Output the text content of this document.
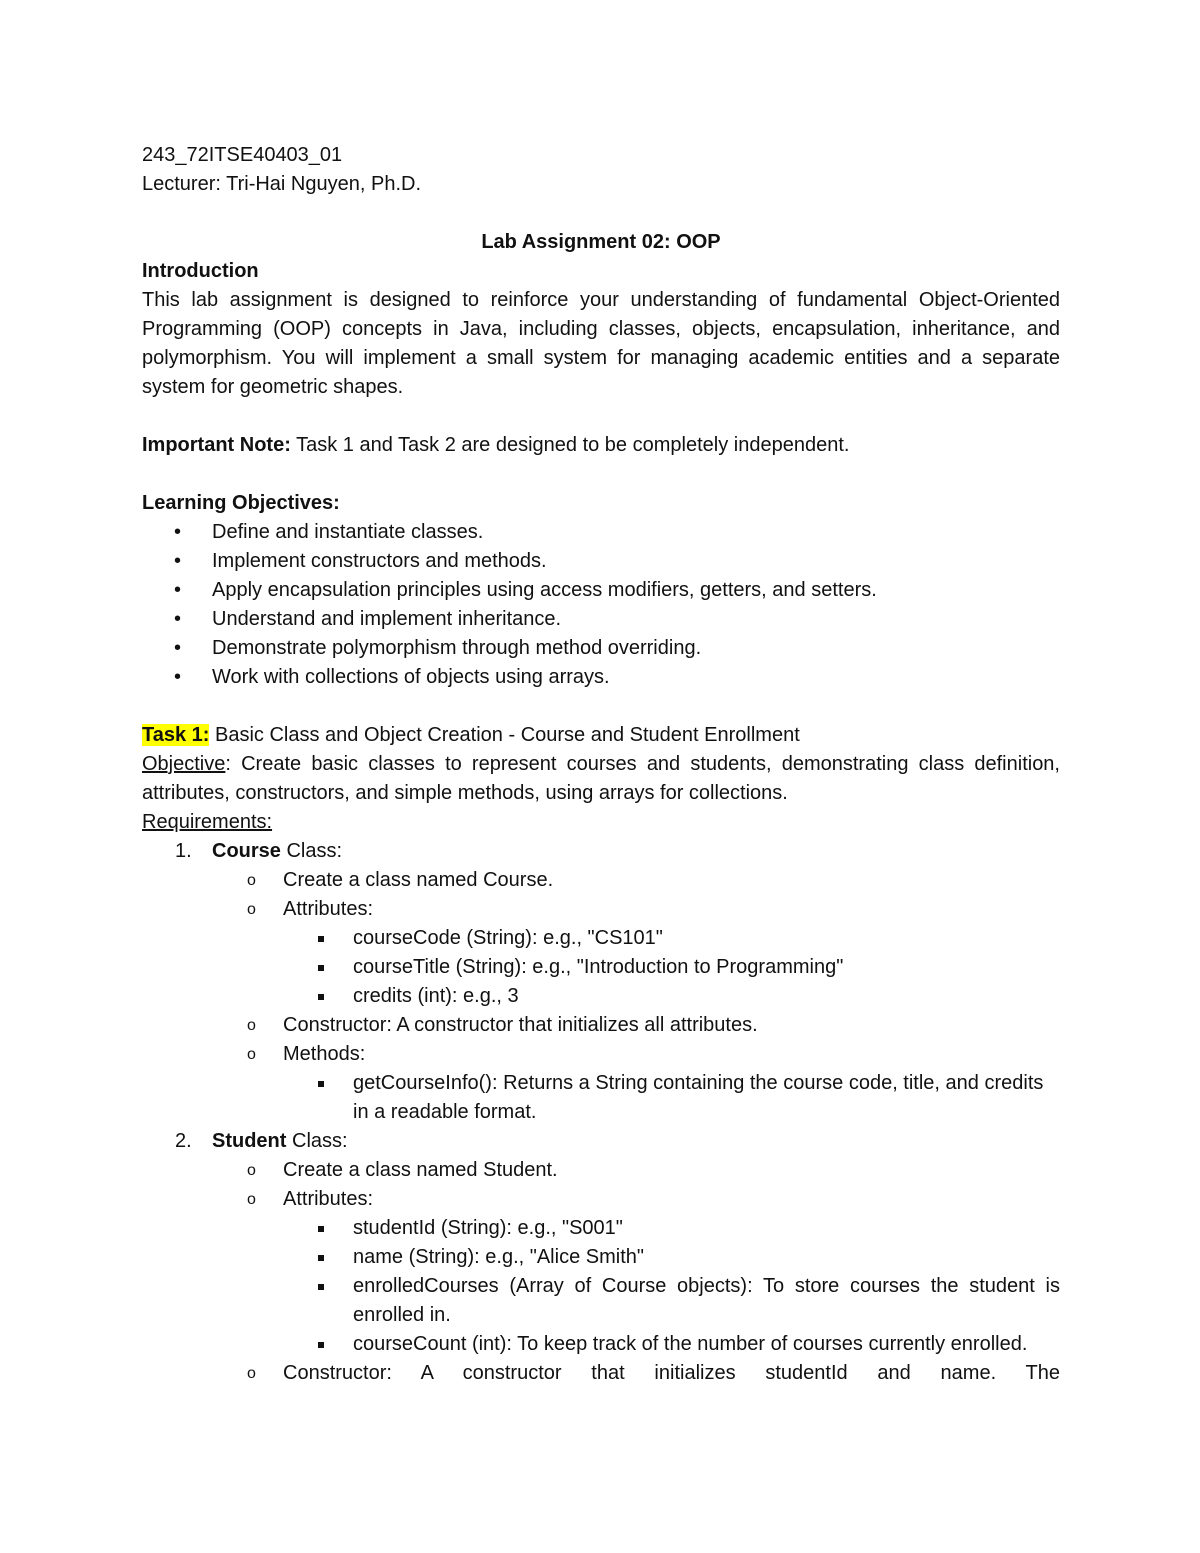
243_72ITSE40403_01

Lecturer: Tri-Hai Nguyen, Ph.D.

Lab Assignment 02: OOP

Introduction

This lab assignment is designed to reinforce your understanding of fundamental Object-Oriented Programming (OOP) concepts in Java, including classes, objects, encapsulation, inheritance, and polymorphism. You will implement a small system for managing academic entities and a separate system for geometric shapes.

Important Note: Task 1 and Task 2 are designed to be completely independent.

Learning Objectives:

• Define and instantiate classes.
• Implement constructors and methods.
• Apply encapsulation principles using access modifiers, getters, and setters.
• Understand and implement inheritance.
• Demonstrate polymorphism through method overriding.
• Work with collections of objects using arrays.

Task 1: Basic Class and Object Creation - Course and Student Enrollment

Objective: Create basic classes to represent courses and students, demonstrating class definition, attributes, constructors, and simple methods, using arrays for collections.

Requirements:

1. Course Class:
o Create a class named Course.
o Attributes:
courseCode (String): e.g., "CS101"
courseTitle (String): e.g., "Introduction to Programming"
credits (int): e.g., 3
o Constructor: A constructor that initializes all attributes.
o Methods:
getCourseInfo(): Returns a String containing the course code, title, and credits in a readable format.
2. Student Class:
o Create a class named Student.
o Attributes:
studentId (String): e.g., "S001"
name (String): e.g., "Alice Smith"
enrolledCourses (Array of Course objects): To store courses the student is enrolled in.
courseCount (int): To keep track of the number of courses currently enrolled.
o Constructor: A constructor that initializes studentId and name. The
